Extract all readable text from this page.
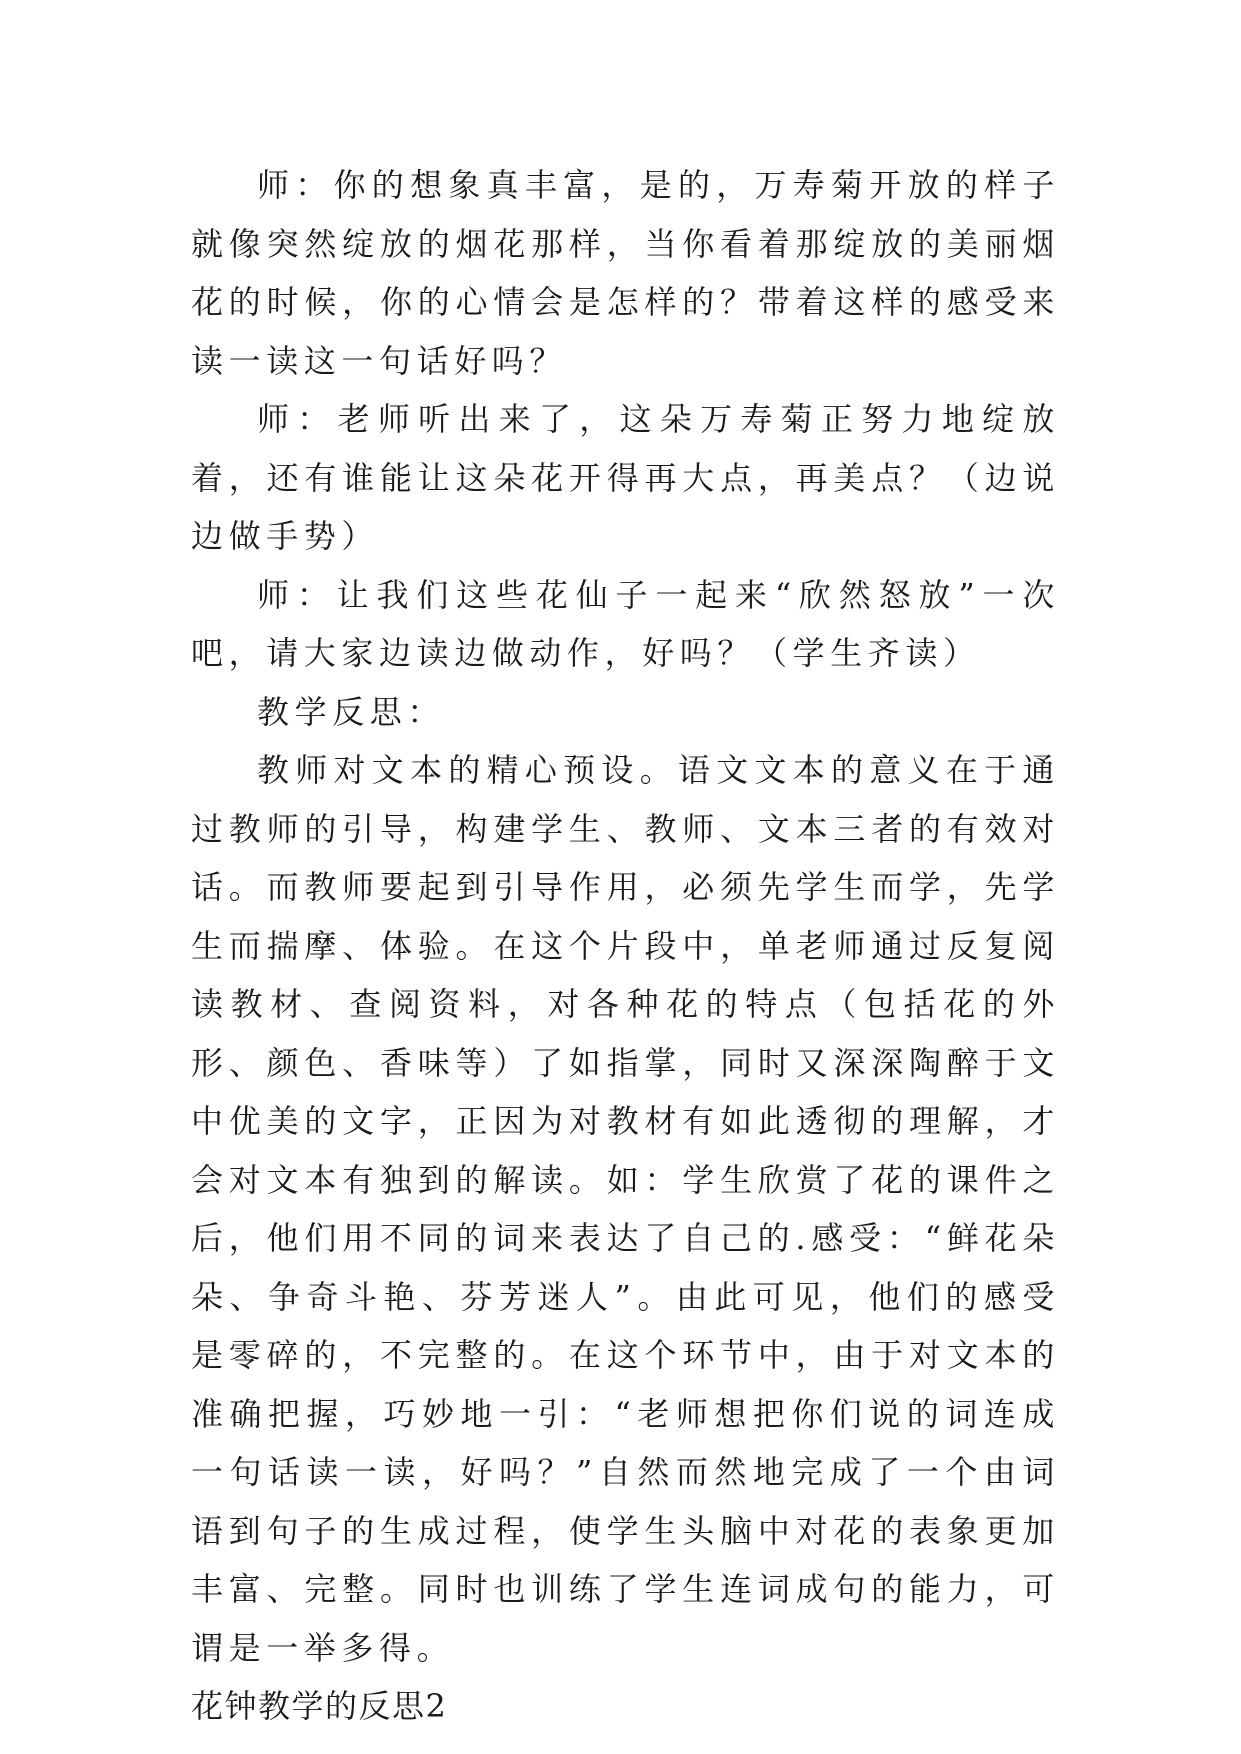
师：你的想象真丰富，是的，万寿菊开放的样子就像突然绽放的烟花那样，当你看着那绽放的美丽烟花的时候，你的心情会是怎样的？带着这样的感受来读一读这一句话好吗？

师：老师听出来了，这朵万寿菊正努力地绽放着，还有谁能让这朵花开得再大点，再美点？（边说边做手势）

师：让我们这些花仙子一起来“欣然怒放”一次吧，请大家边读边做动作，好吗？（学生齐读）

教学反思：

教师对文本的精心预设。语文文本的意义在于通过教师的引导，构建学生、教师、文本三者的有效对话。而教师要起到引导作用，必须先学生而学，先学生而揣摩、体验。在这个片段中，单老师通过反复阅读教材、查阅资料，对各种花的特点（包括花的外形、颜色、香味等）了如指掌，同时又深深陶醉于文中优美的文字，正因为对教材有如此透彻的理解，才会对文本有独到的解读。如：学生欣赏了花的课件之后，他们用不同的词来表达了自己的.感受：“鲜花朵朵、争奇斗艳、芬芳迷人”。由此可见，他们的感受是零碎的，不完整的。在这个环节中，由于对文本的准确把握，巧妙地一引：“老师想把你们说的词连成一句话读一读，好吗？”自然而然地完成了一个由词语到句子的生成过程，使学生头脑中对花的表象更加丰富、完整。同时也训练了学生连词成句的能力，可谓是一举多得。

花钟教学的反思2
